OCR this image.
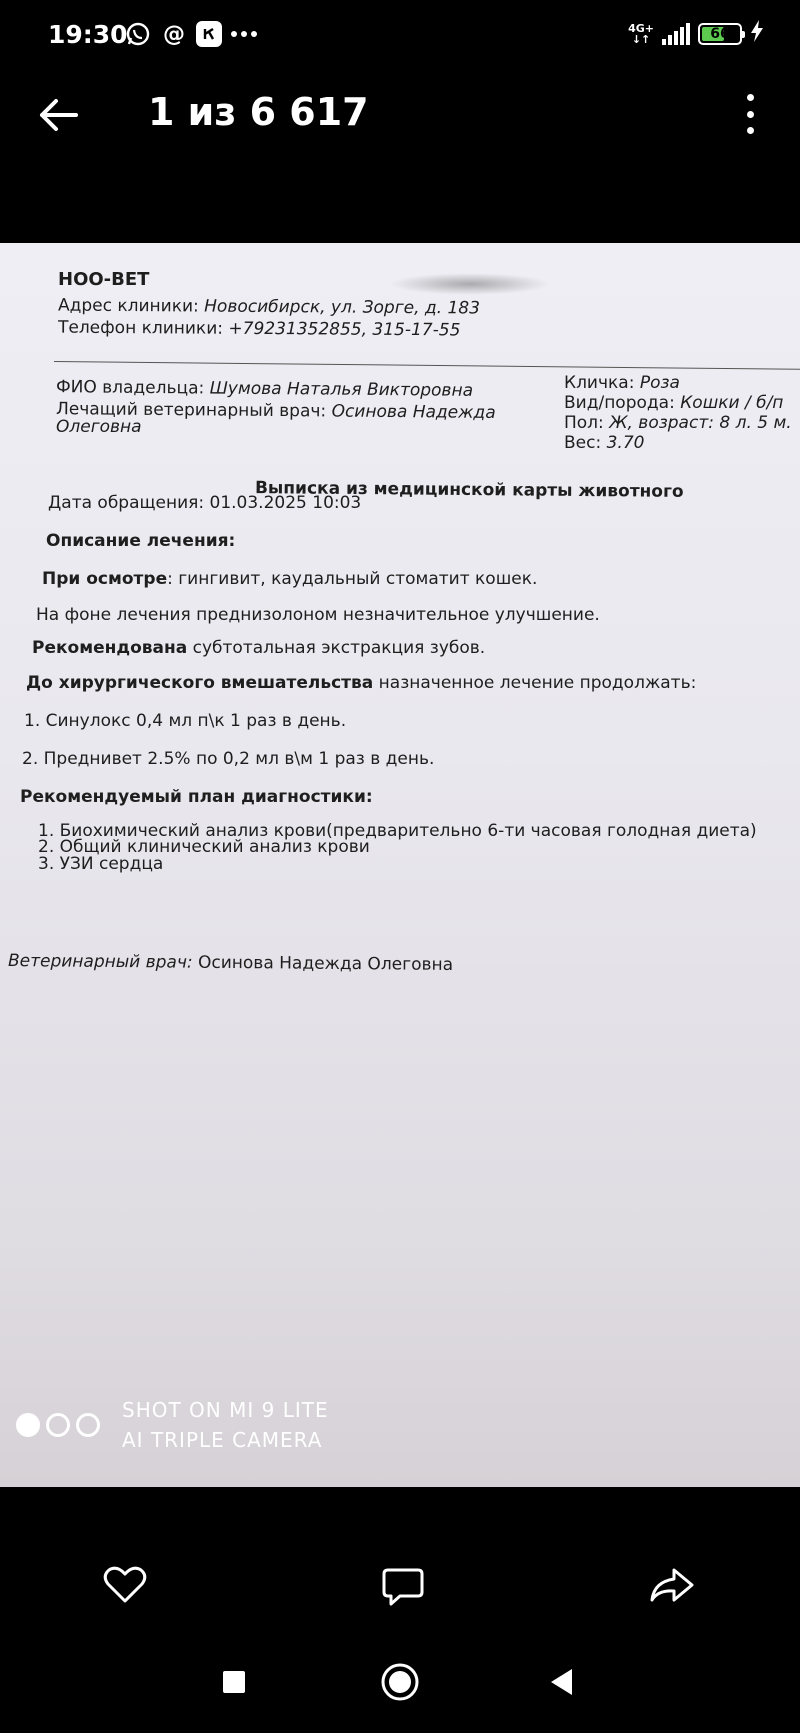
19:30 @	4G+
↓↑	66
1 из 6 617
НОО-ВЕТ
Адрес клиники: Новосибирск, ул. Зорге, д. 183
Телефон клиники: +79231352855, 315-17-55
ФИО владельца: Шумова Наталья Викторовна
Лечащий ветеринарный врач: Осинова Надежда
Олеговна
Кличка: Роза
Вид/порода: Кошки / б/п
Пол: Ж, возраст: 8 л. 5 м.
Вес: 3.70
Выписка из медицинской карты животного
Дата обращения: 01.03.2025 10:03
Описание лечения:
При осмотре: гингивит, каудальный стоматит кошек.
На фоне лечения преднизолоном незначительное улучшение.
Рекомендована субтотальная экстракция зубов.
До хирургического вмешательства назначенное лечение продолжать:
1. Синулокс 0,4 мл п\к 1 раз в день.
2. Преднивет 2.5% по 0,2 мл в\м 1 раз в день.
Рекомендуемый план диагностики:
1. Биохимический анализ крови(предварительно 6-ти часовая голодная диета)
2. Общий клинический анализ крови
3. УЗИ сердца
Ветеринарный врач: Осинова Надежда Олеговна
SHOT ON MI 9 LITE
AI TRIPLE CAMERA
